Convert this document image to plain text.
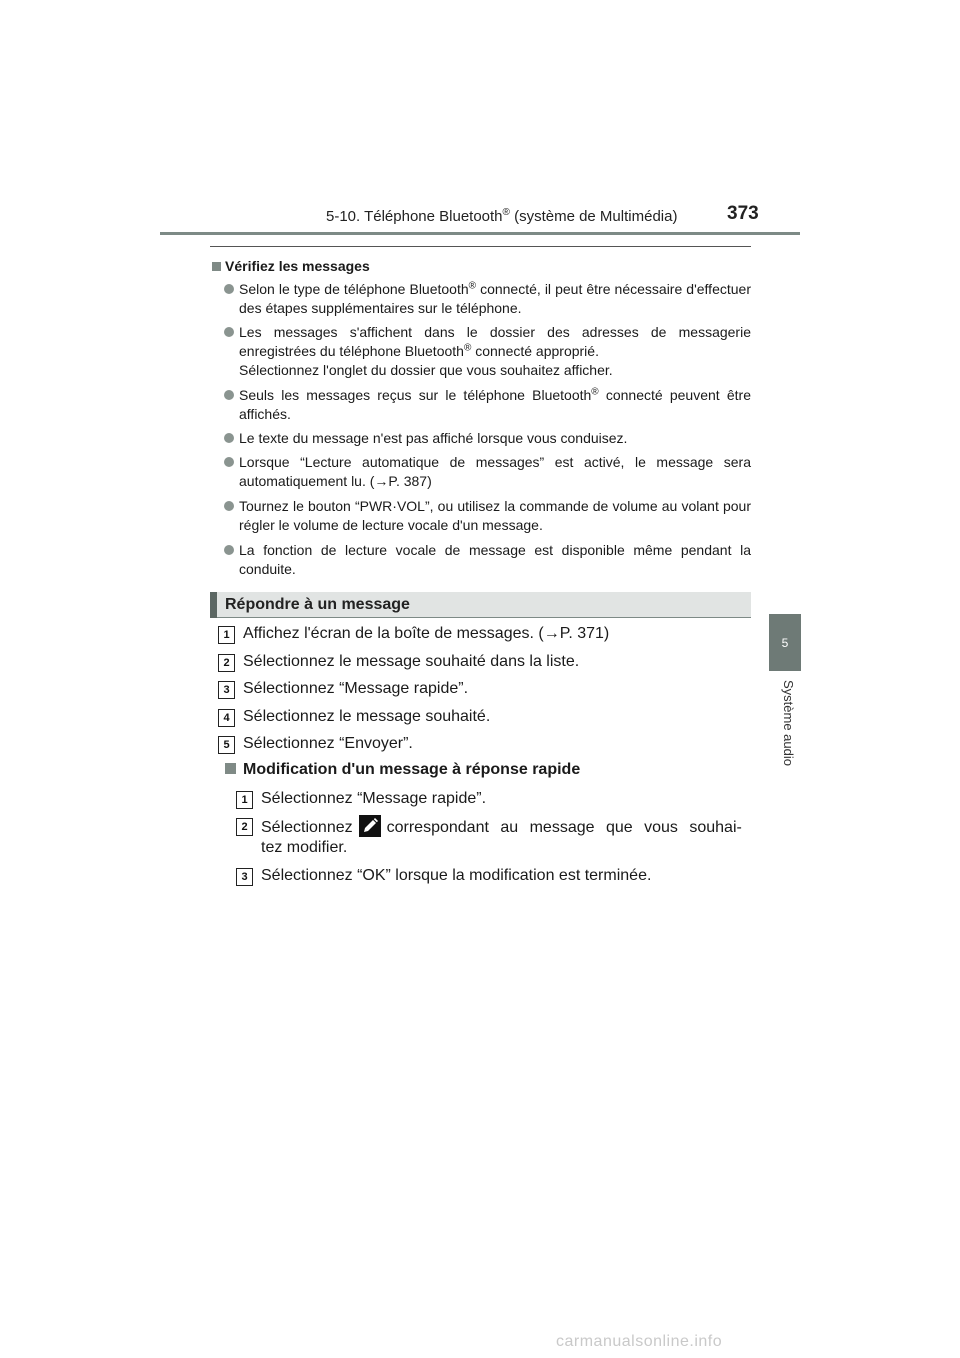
5-10. Téléphone Bluetooth® (système de Multimédia)	373
5
Système audio
Vérifiez les messages
Selon le type de téléphone Bluetooth® connecté, il peut être nécessaire d'effectuer des étapes supplémentaires sur le téléphone.
Les messages s'affichent dans le dossier des adresses de messagerie enregistrées du téléphone Bluetooth® connecté approprié.
Sélectionnez l'onglet du dossier que vous souhaitez afficher.
Seuls les messages reçus sur le téléphone Bluetooth® connecté peuvent être affichés.
Le texte du message n'est pas affiché lorsque vous conduisez.
Lorsque “Lecture automatique de messages” est activé, le message sera automatiquement lu. (→P. 387)
Tournez le bouton “PWR·VOL”, ou utilisez la commande de volume au volant pour régler le volume de lecture vocale d'un message.
La fonction de lecture vocale de message est disponible même pendant la conduite.
Répondre à un message
1 Affichez l'écran de la boîte de messages. (→P. 371)
2 Sélectionnez le message souhaité dans la liste.
3 Sélectionnez “Message rapide”.
4 Sélectionnez le message souhaité.
5 Sélectionnez “Envoyer”.
Modification d'un message à réponse rapide
1 Sélectionnez “Message rapide”.
2 Sélectionnez correspondant au message que vous souhai-
tez modifier.
3 Sélectionnez “OK” lorsque la modification est terminée.
carmanualsonline.info
